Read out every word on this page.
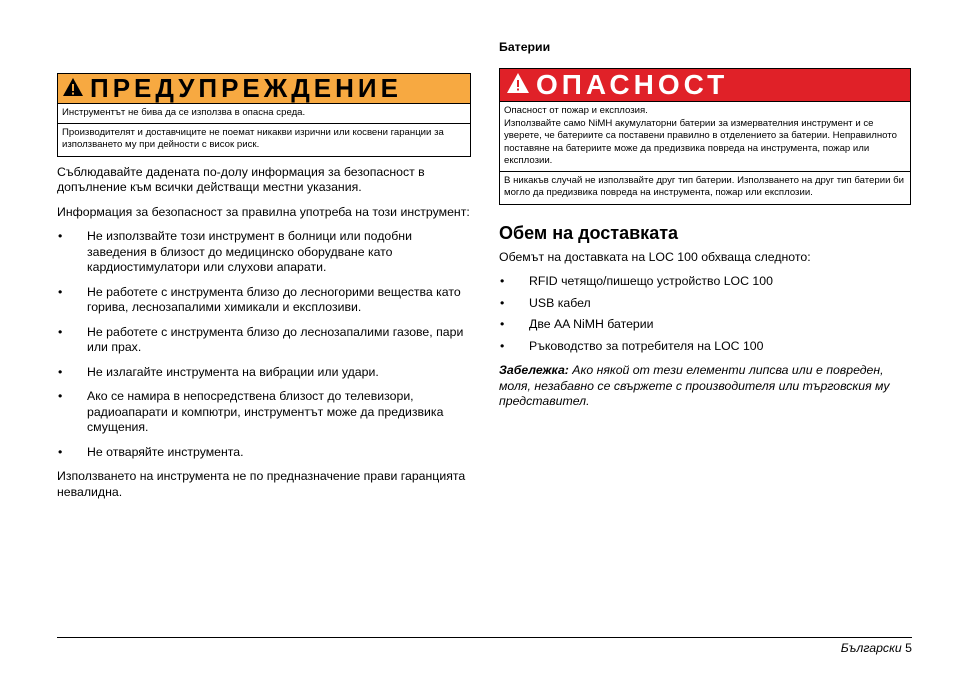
ПРЕДУПРЕЖДЕНИЕ

Инструментът не бива да се използва в опасна среда.

Производителят и доставчиците не поемат никакви изрични или косвени гаранции за използването му при дейности с висок риск.

Съблюдавайте дадената по-долу информация за безопасност в допълнение към всички действащи местни указания.

Информация за безопасност за правилна употреба на този инструмент:

• Не използвайте този инструмент в болници или подобни заведения в близост до медицинско оборудване като кардиостимулатори или слухови апарати.
• Не работете с инструмента близо до лесногорими вещества като горива, леснозапалими химикали и експлозиви.
• Не работете с инструмента близо до леснозапалими газове, пари или прах.
• Не излагайте инструмента на вибрации или удари.
• Ако се намира в непосредствена близост до телевизори, радиоапарати и компютри, инструментът може да предизвика смущения.
• Не отваряйте инструмента.

Използването на инструмента не по предназначение прави гаранцията невалидна.

Батерии
ОПАСНОСТ

Опасност от пожар и експлозия.

Използвайте само NiMH акумулаторни батерии за измервателния инструмент и се уверете, че батериите са поставени правилно в отделението за батерии. Неправилното поставяне на батериите може да предизвика повреда на инструмента, пожар или експлозии.

В никакъв случай не използвайте друг тип батерии. Използването на друг тип батерии би могло да предизвика повреда на инструмента, пожар или експлозии.

Обем на доставката

Обемът на доставката на LOC 100 обхваща следното:

• RFID четящо/пишещо устройство LOC 100
• USB кабел
• Две AA NiMH батерии
• Ръководство за потребителя на LOC 100

Забележка: Ако някой от тези елементи липсва или е повреден, моля, незабавно се свържете с производителя или търговския му представител.

Български 5
